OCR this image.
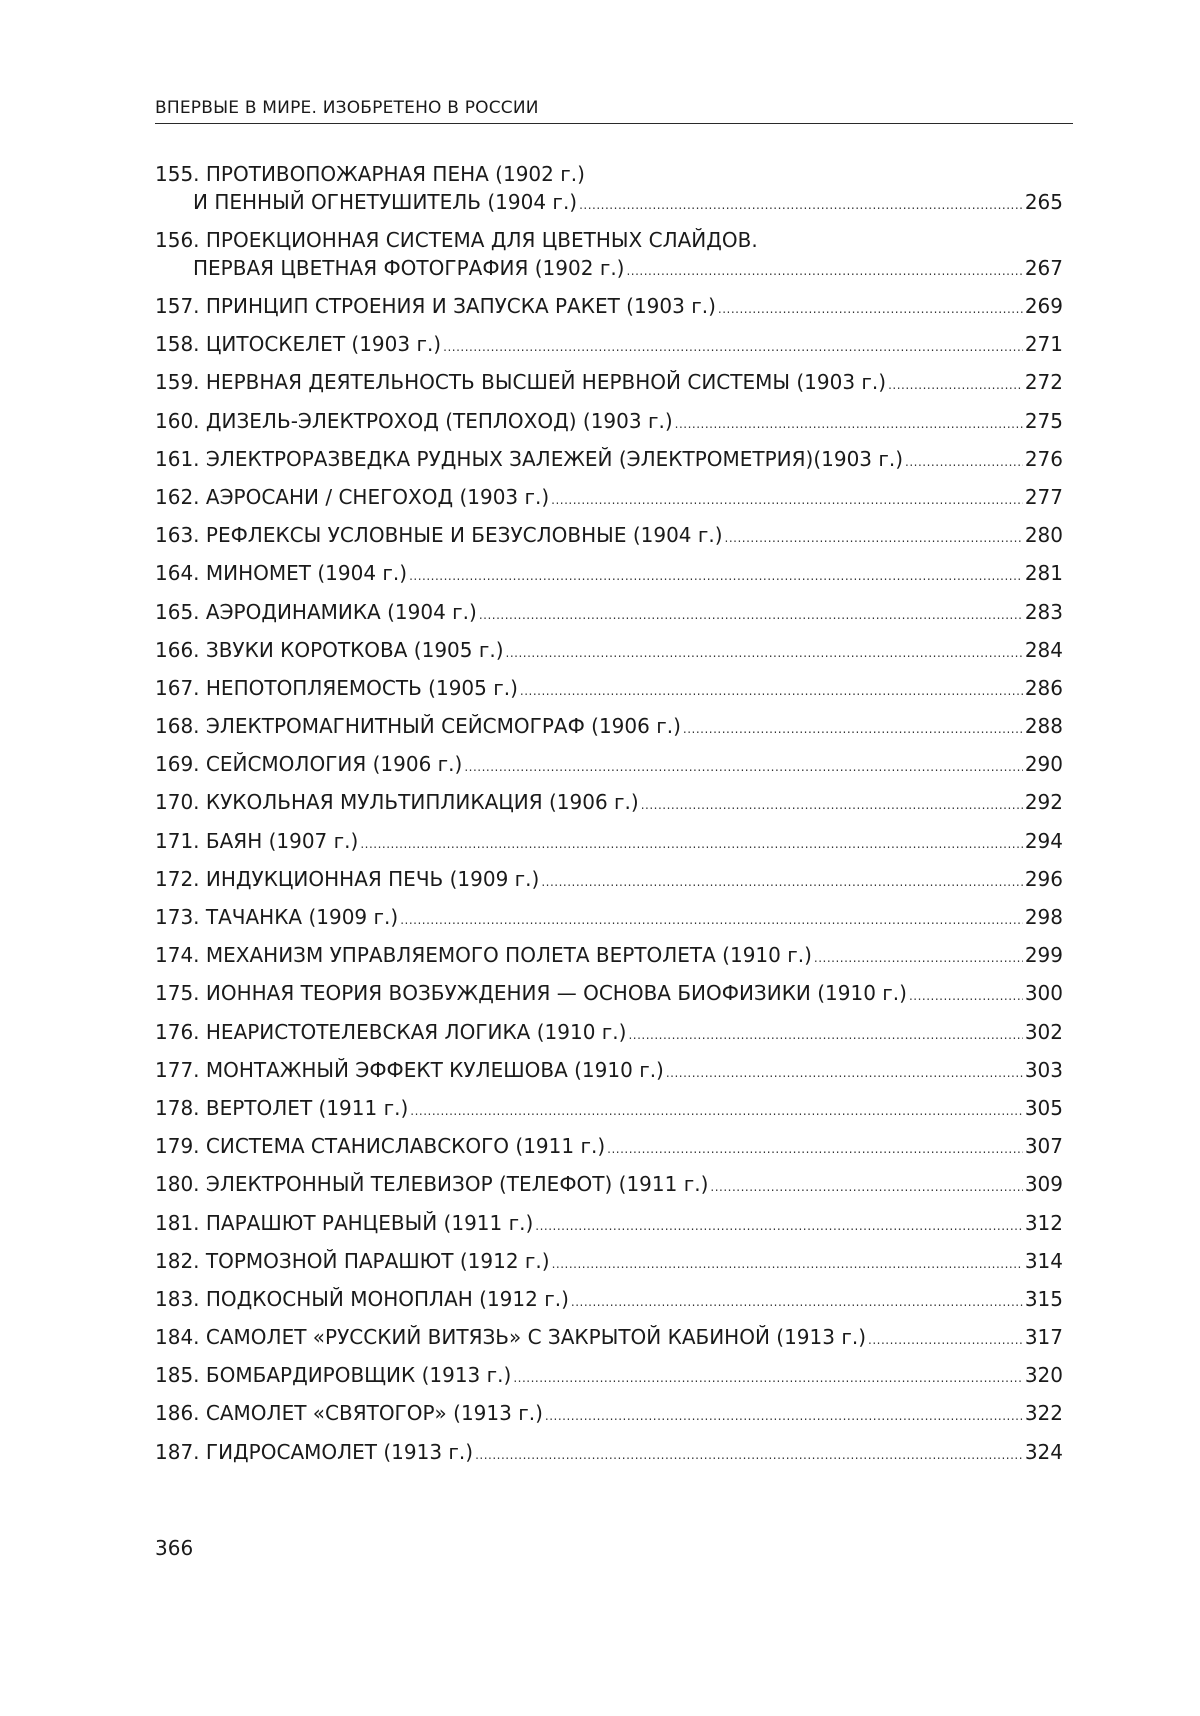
ВПЕРВЫЕ В МИРЕ. ИЗОБРЕТЕНО В РОССИИ
155. ПРОТИВОПОЖАРНАЯ ПЕНА (1902 г.)
И ПЕННЫЙ ОГНЕТУШИТЕЛЬ (1904 г.) .....	265
156. ПРОЕКЦИОННАЯ СИСТЕМА ДЛЯ ЦВЕТНЫХ СЛАЙДОВ.
ПЕРВАЯ ЦВЕТНАЯ ФОТОГРАФИЯ (1902 г.) .....	267
157. ПРИНЦИП СТРОЕНИЯ И ЗАПУСКА РАКЕТ (1903 г.) .....	269
158. ЦИТОСКЕЛЕТ (1903 г.) .....	271
159. НЕРВНАЯ ДЕЯТЕЛЬНОСТЬ ВЫСШЕЙ НЕРВНОЙ СИСТЕМЫ (1903 г.) .....	272
160. ДИЗЕЛЬ-ЭЛЕКТРОХОД (ТЕПЛОХОД) (1903 г.) .....	275
161. ЭЛЕКТРОРАЗВЕДКА РУДНЫХ ЗАЛЕЖЕЙ (ЭЛЕКТРОМЕТРИЯ)(1903 г.) .....	276
162. АЭРОСАНИ / СНЕГОХОД (1903 г.) .....	277
163. РЕФЛЕКСЫ УСЛОВНЫЕ И БЕЗУСЛОВНЫЕ (1904 г.) .....	280
164. МИНОМЕТ (1904 г.) .....	281
165. АЭРОДИНАМИКА (1904 г.) .....	283
166. ЗВУКИ КОРОТКОВА (1905 г.) .....	284
167. НЕПОТОПЛЯЕМОСТЬ (1905 г.) .....	286
168. ЭЛЕКТРОМАГНИТНЫЙ СЕЙСМОГРАФ (1906 г.) .....	288
169. СЕЙСМОЛОГИЯ (1906 г.) .....	290
170. КУКОЛЬНАЯ МУЛЬТИПЛИКАЦИЯ (1906 г.) .....	292
171. БАЯН (1907 г.) .....	294
172. ИНДУКЦИОННАЯ ПЕЧЬ (1909 г.) .....	296
173. ТАЧАНКА (1909 г.) .....	298
174. МЕХАНИЗМ УПРАВЛЯЕМОГО ПОЛЕТА ВЕРТОЛЕТА (1910 г.) .....	299
175. ИОННАЯ ТЕОРИЯ ВОЗБУЖДЕНИЯ — ОСНОВА БИОФИЗИКИ (1910 г.) .....	300
176. НЕАРИСТОТЕЛЕВСКАЯ ЛОГИКА (1910 г.) .....	302
177. МОНТАЖНЫЙ ЭФФЕКТ КУЛЕШОВА (1910 г.) .....	303
178. ВЕРТОЛЕТ (1911 г.) .....	305
179. СИСТЕМА СТАНИСЛАВСКОГО (1911 г.) .....	307
180. ЭЛЕКТРОННЫЙ ТЕЛЕВИЗОР (ТЕЛЕФОТ) (1911 г.) .....	309
181. ПАРАШЮТ РАНЦЕВЫЙ (1911 г.) .....	312
182. ТОРМОЗНОЙ ПАРАШЮТ (1912 г.) .....	314
183. ПОДКОСНЫЙ МОНОПЛАН (1912 г.) .....	315
184. САМОЛЕТ «РУССКИЙ ВИТЯЗЬ» С ЗАКРЫТОЙ КАБИНОЙ (1913 г.) .....	317
185. БОМБАРДИРОВЩИК (1913 г.) .....	320
186. САМОЛЕТ «СВЯТОГОР» (1913 г.) .....	322
187. ГИДРОСАМОЛЕТ (1913 г.) .....	324
366
